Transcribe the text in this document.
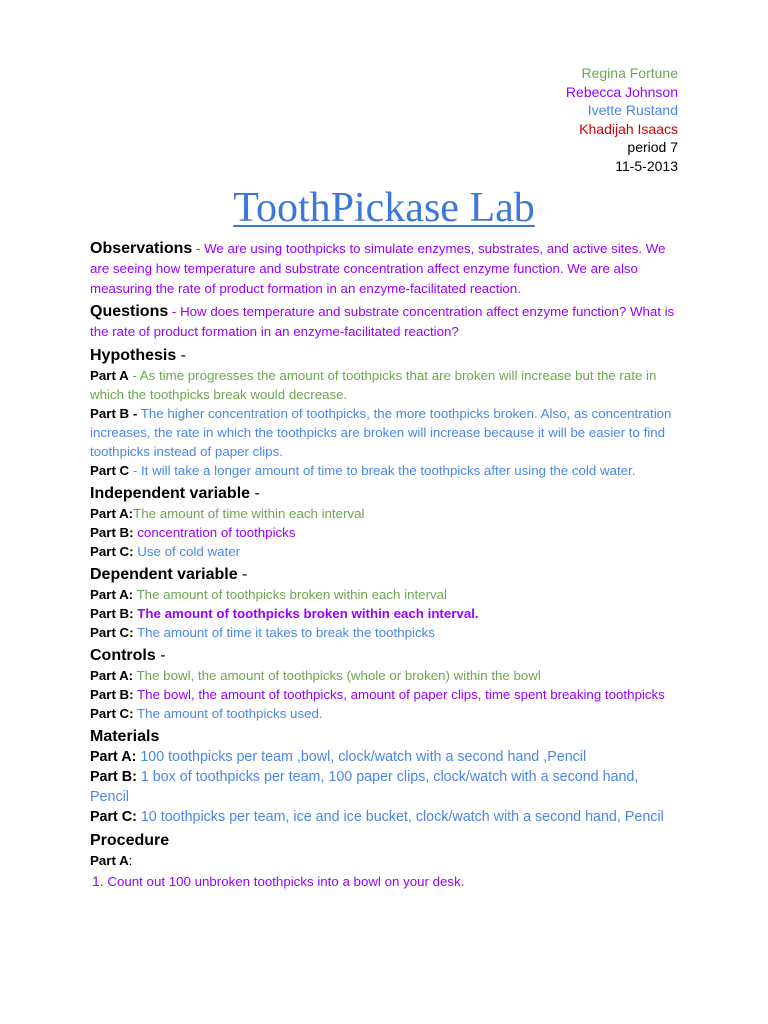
Regina Fortune
Rebecca Johnson
Ivette Rustand
Khadijah Isaacs
period 7
11-5-2013
ToothPickase Lab

Observations - We are using toothpicks to simulate enzymes, substrates, and active sites. We are seeing how temperature and substrate concentration affect enzyme function. We are also measuring the rate of product formation in an enzyme-facilitated reaction.

Questions - How does temperature and substrate concentration affect enzyme function? What is the rate of product formation in an enzyme-facilitated reaction?

Hypothesis -

Part A - As time progresses the amount of toothpicks that are broken will increase but the rate in which the toothpicks break would decrease.

Part B - The higher concentration of toothpicks, the more toothpicks broken. Also, as concentration increases, the rate in which the toothpicks are broken will increase because it will be easier to find toothpicks instead of paper clips.

Part C - It will take a longer amount of time to break the toothpicks after using the cold water.

Independent variable -

Part A:The amount of time within each interval

Part B: concentration of toothpicks

Part C: Use of cold water

Dependent variable -

Part A: The amount of toothpicks broken within each interval

Part B: The amount of toothpicks broken within each interval.

Part C: The amount of time it takes to break the toothpicks

Controls -

Part A: The bowl, the amount of toothpicks (whole or broken) within the bowl

Part B: The bowl, the amount of toothpicks, amount of paper clips, time spent breaking toothpicks

Part C: The amount of toothpicks used.

Materials

Part A: 100 toothpicks per team ,bowl, clock/watch with a second hand ,Pencil

Part B: 1 box of toothpicks per team, 100 paper clips, clock/watch with a second hand, Pencil

Part C: 10 toothpicks per team, ice and ice bucket, clock/watch with a second hand, Pencil

Procedure

Part A:

1. Count out 100 unbroken toothpicks into a bowl on your desk.
